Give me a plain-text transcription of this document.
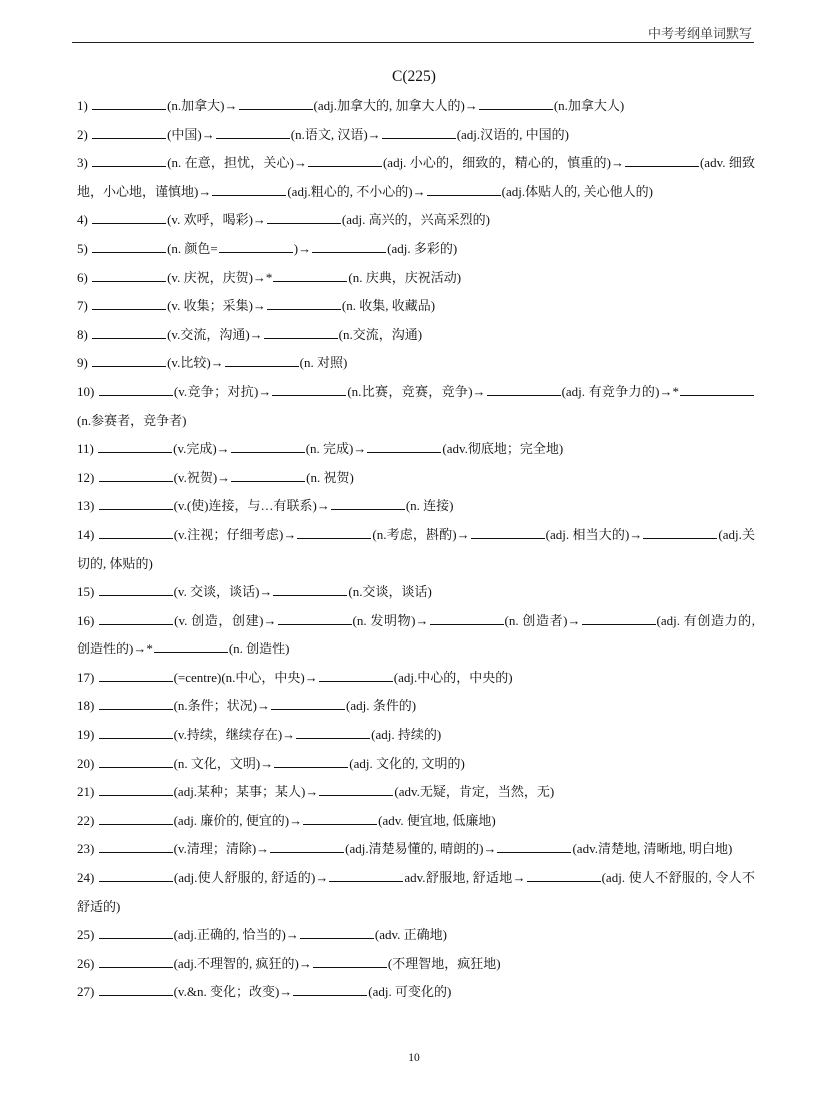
中考考纲单词默写
C(225)
1)	(n.加拿大)→	(adj.加拿大的, 加拿大人的)→	(n.加拿大人)
2)	(中国)→	(n.语文, 汉语)→	(adj.汉语的, 中国的)
3)	(n. 在意，担忧，关心)→	(adj. 小心的，细致的，精心的，慎重的)→	(adv. 细致地，小心地，谨慎地)→	(adj.粗心的, 不小心的)→	(adj.体贴人的, 关心他人的)
4)	(v. 欢呼，喝彩)→	(adj. 高兴的，兴高采烈的)
5)	(n. 颜色=	)→	(adj. 多彩的)
6)	(v. 庆祝，庆贺)→*	(n. 庆典，庆祝活动)
7)	(v. 收集；采集)→	(n. 收集, 收藏品)
8)	(v.交流，沟通)→	(n.交流，沟通)
9)	(v.比较)→	(n. 对照)
10)	(v.竞争；对抗)→	(n.比赛，竞赛，竞争)→	(adj. 有竞争力的)→*(n.参赛者，竞争者)
11)	(v.完成)→	(n. 完成)→	(adv.彻底地；完全地)
12)	(v.祝贺)→	(n. 祝贺)
13)	(v.(使)连接，与…有联系)→	(n. 连接)
14)	(v.注视；仔细考虑)→	(n.考虑，斟酌)→	(adj. 相当大的)→	(adj.关切的, 体贴的)
15)	(v. 交谈，谈话)→	(n.交谈，谈话)
16)	(v. 创造，创建)→	(n. 发明物)→	(n. 创造者)→	(adj. 有创造力的, 创造性的)→*	(n. 创造性)
17)	(=centre)(n.中心，中央)→	(adj.中心的，中央的)
18)	(n.条件；状况)→	(adj. 条件的)
19)	(v.持续，继续存在)→	(adj. 持续的)
20)	(n. 文化，文明)→	(adj. 文化的, 文明的)
21)	(adj.某种；某事；某人)→	(adv.无疑，肯定，当然，无)
22)	(adj. 廉价的, 便宜的)→	(adv. 便宜地, 低廉地)
23)	(v.清理；清除)→	(adj.清楚易懂的, 晴朗的)→	(adv.清楚地, 清晰地, 明白地)
24)	(adj.使人舒服的, 舒适的)→	adv.舒服地, 舒适地→	(adj. 使人不舒服的, 令人不舒适的)
25)	(adj.正确的, 恰当的)→	(adv. 正确地)
26)	(adj.不理智的, 疯狂的)→	(不理智地，疯狂地)
27)	(v.&n. 变化；改变)→	(adj. 可变化的)
10
